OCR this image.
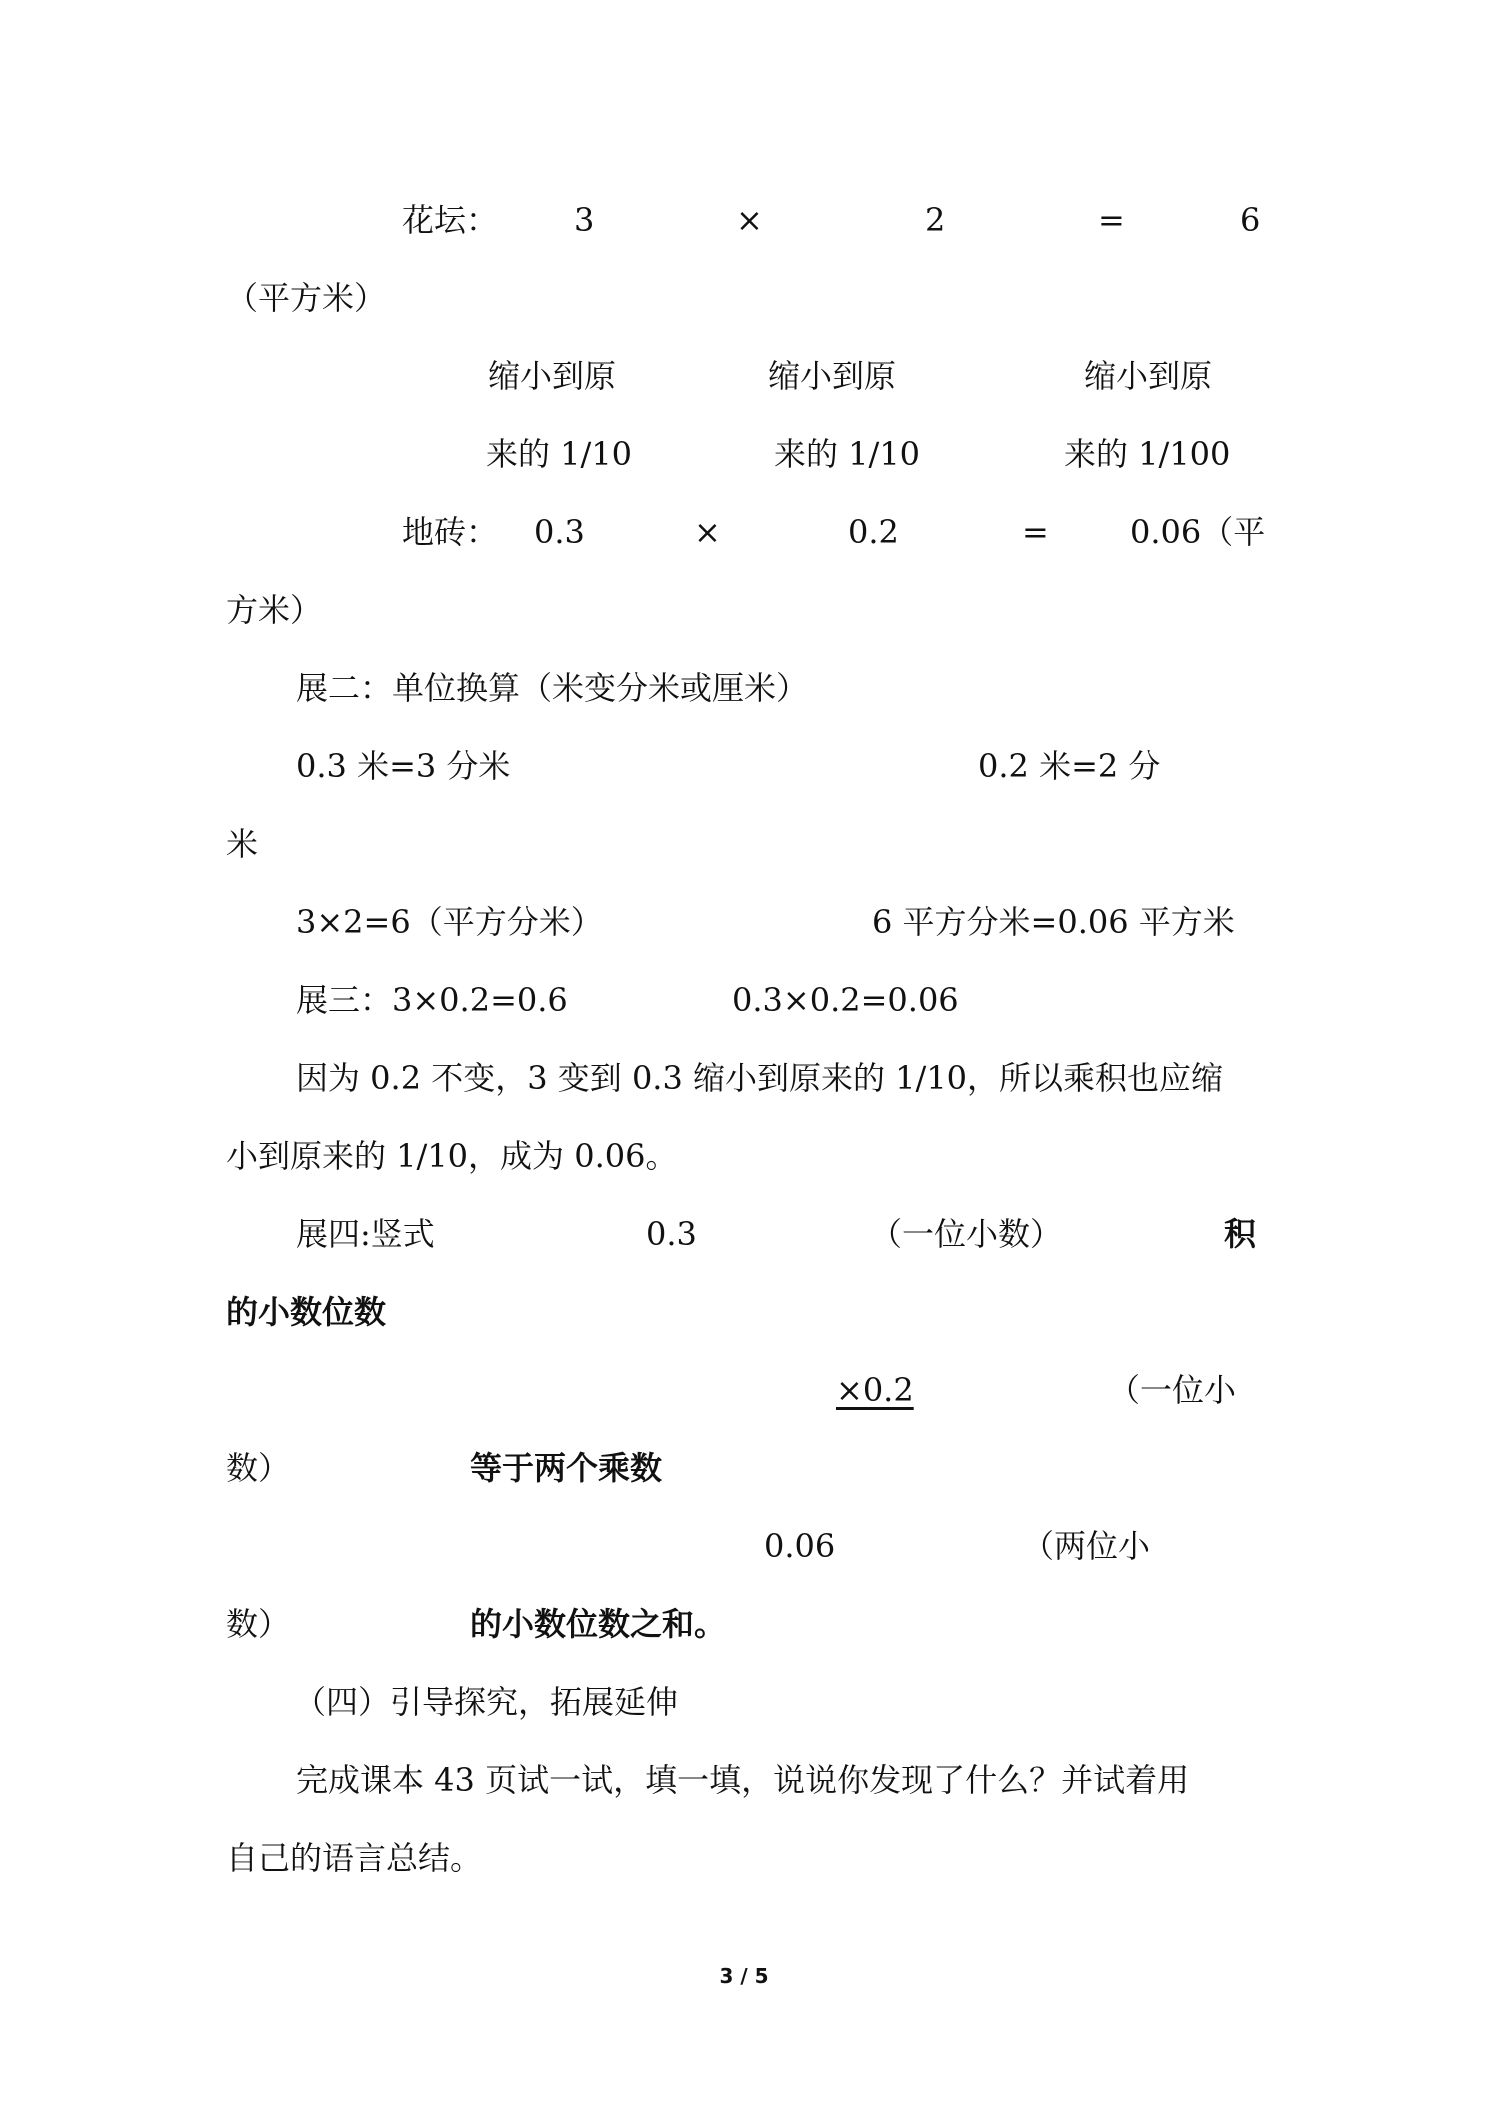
花坛： 3	×	2	=	6
（平方米）
缩小到原	缩小到原	缩小到原
来的 1/10	来的 1/10	来的 1/100
地砖： 0.3	×	0.2	=	0.06（平
方米）
展二：单位换算（米变分米或厘米）
0.3 米=3 分米	0.2 米=2 分
米
3×2=6（平方分米）	6 平方分米=0.06 平方米
展三：3×0.2=0.6	0.3×0.2=0.06
因为 0.2 不变，3 变到 0.3 缩小到原来的 1/10，所以乘积也应缩
小到原来的 1/10，成为 0.06。
展四:竖式	0.3	（一位小数）	积
的小数位数
×0.2	（一位小
数）	等于两个乘数
0.06	（两位小
数）	的小数位数之和。
（四）引导探究，拓展延伸
完成课本 43 页试一试，填一填，说说你发现了什么？并试着用
自己的语言总结。
3 / 5
